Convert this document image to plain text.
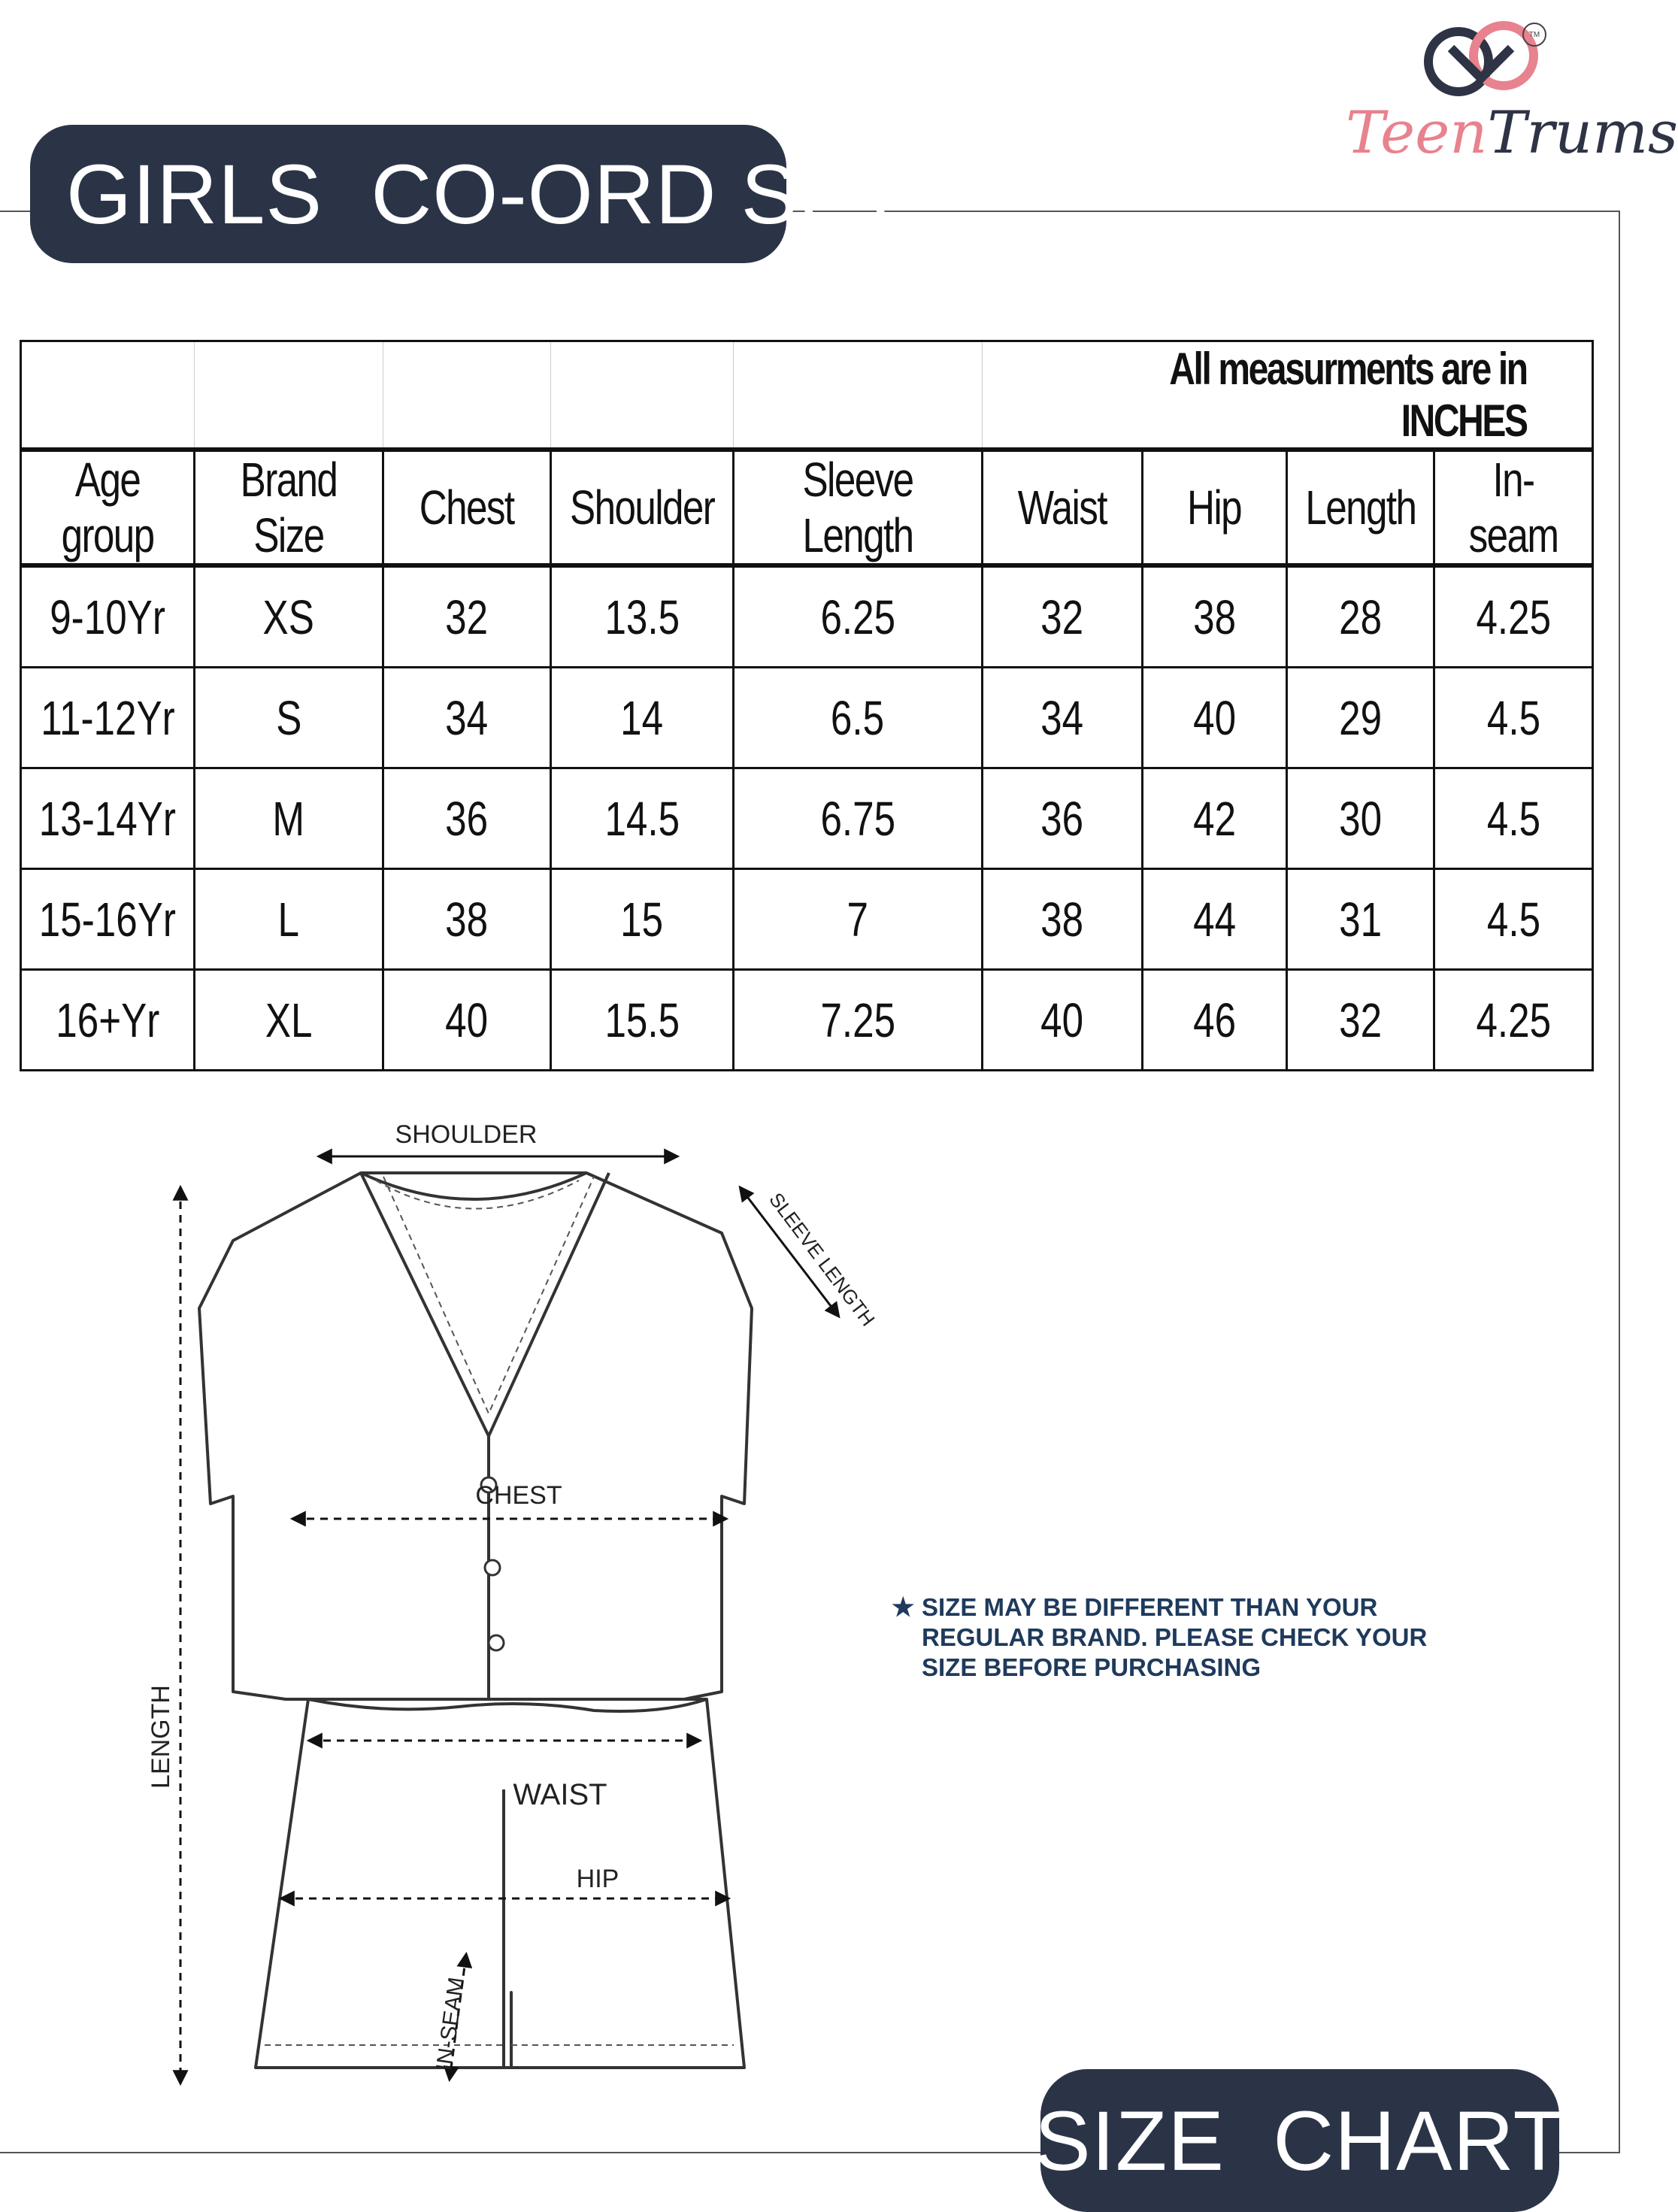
TM
TeenTrums
GIRLS  CO-ORD SET
					All measurments are in INCHES			
Age group	Brand Size	Chest	Shoulder	Sleeve Length	Waist	Hip	Length	In-seam
9-10Yr	XS	32	13.5	6.25	32	38	28	4.25
11-12Yr	S	34	14	6.5	34	40	29	4.5
13-14Yr	M	36	14.5	6.75	36	42	30	4.5
15-16Yr	L	38	15	7	38	44	31	4.5
16+Yr	XL	40	15.5	7.25	40	46	32	4.25
SHOULDER
SLEEVE LENGTH
CHEST
WAIST
HIP
LENGTH
IN-SEAM
★ SIZE MAY BE DIFFERENT THAN YOUR
REGULAR BRAND. PLEASE CHECK YOUR
SIZE BEFORE PURCHASING
SIZE  CHART
